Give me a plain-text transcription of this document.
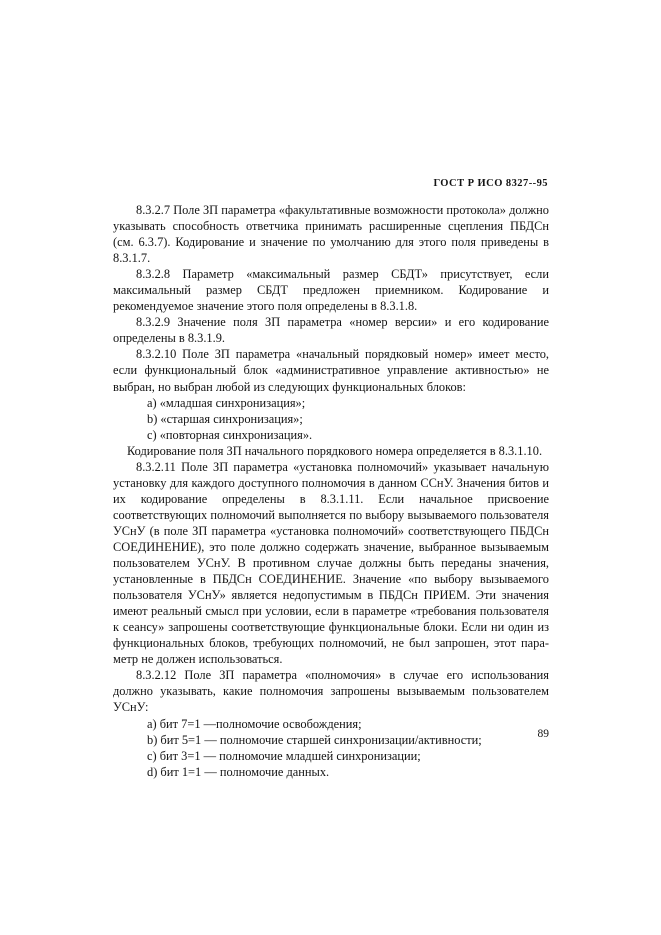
ГОСТ Р ИСО 8327--95

8.3.2.7 Поле ЗП параметра «факультативные возможности протокола» должно указывать способность ответчика принимать расширенные сцепления ПБДСн (см. 6.3.7). Кодирование и значение по умолчанию для этого поля приведены в 8.3.1.7.

8.3.2.8 Параметр «максимальный размер СБДТ» присутствует, если максимальный размер СБДТ предложен приемником. Кодирование и рекомендуемое значение этого поля определены в 8.3.1.8.

8.3.2.9 Значение поля ЗП параметра «номер версии» и его кодирование определены в 8.3.1.9.

8.3.2.10 Поле ЗП параметра «начальный порядковый номер» имеет место, если функциональный блок «административное управление активностью» не выбран, но выбран любой из следующих функциональных блоков:

a) «младшая синхронизация»;
b) «старшая синхронизация»;
c) «повторная синхронизация».

Кодирование поля ЗП начального порядкового номера определяется в 8.3.1.10.

8.3.2.11 Поле ЗП параметра «установка полномочий» указывает начальную установку для каждого доступного полномочия в данном ССнУ. Значения битов и их кодирование определены в 8.3.1.11. Если начальное присвоение соответствующих полномочий выполняется по выбору вызываемого пользователя УСнУ (в поле ЗП параметра «установка полномочий» соответствующего ПБДСн СОЕДИНЕНИЕ), это поле должно содержать значение, выбранное вызываемым пользователем УСнУ. В противном случае должны быть переданы значения, установленные в ПБДСн СОЕДИНЕНИЕ. Значение «по выбору вызываемого пользователя УСнУ» является недопустимым в ПБДСн ПРИЕМ. Эти значения имеют реальный смысл при условии, если в параметре «требования пользователя к сеансу» запрошены соответствующие функциональные блоки. Если ни один из функциональных блоков, требующих полномочий, не был запрошен, этот параметр не должен использоваться.

8.3.2.12 Поле ЗП параметра «полномочия» в случае его использования должно указывать, какие полномочия запрошены вызываемым пользователем УСнУ:

a) бит 7=1 —полномочие освобождения;
b) бит 5=1 — полномочие старшей синхронизации/активности;
c) бит 3=1 — полномочие младшей синхронизации;
d) бит 1=1 — полномочие данных.
89
